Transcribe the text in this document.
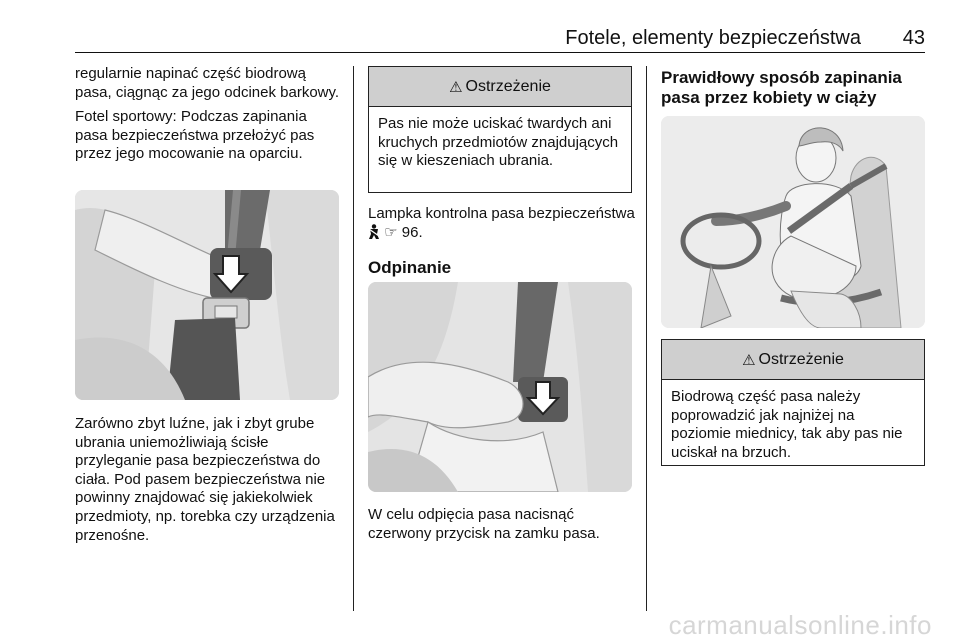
Fotele, elementy bezpieczeństwa 43

regularnie napinać część biodrową pasa, ciągnąc za jego odcinek barkowy.

Fotel sportowy: Podczas zapinania pasa bezpieczeństwa przełożyć pas przez jego mocowanie na oparciu.

Zarówno zbyt luźne, jak i zbyt grube ubrania uniemożliwiają ścisłe przyleganie pasa bezpieczeństwa do ciała. Pod pasem bezpieczeństwa nie powinny znajdować się jakiekolwiek przedmioty, np. torebka czy urządzenia przenośne.

⚠ Ostrzeżenie
Pas nie może uciskać twardych ani kruchych przedmiotów znajdujących się w kieszeniach ubrania.

Lampka kontrolna pasa bezpieczeństwa  ☞ 96.

Odpinanie

W celu odpięcia pasa nacisnąć czerwony przycisk na zamku pasa.

Prawidłowy sposób zapinania pasa przez kobiety w ciąży
⚠ Ostrzeżenie
Biodrową część pasa należy poprowadzić jak najniżej na poziomie miednicy, tak aby pas nie uciskał na brzuch.
carmanualsonline.info
